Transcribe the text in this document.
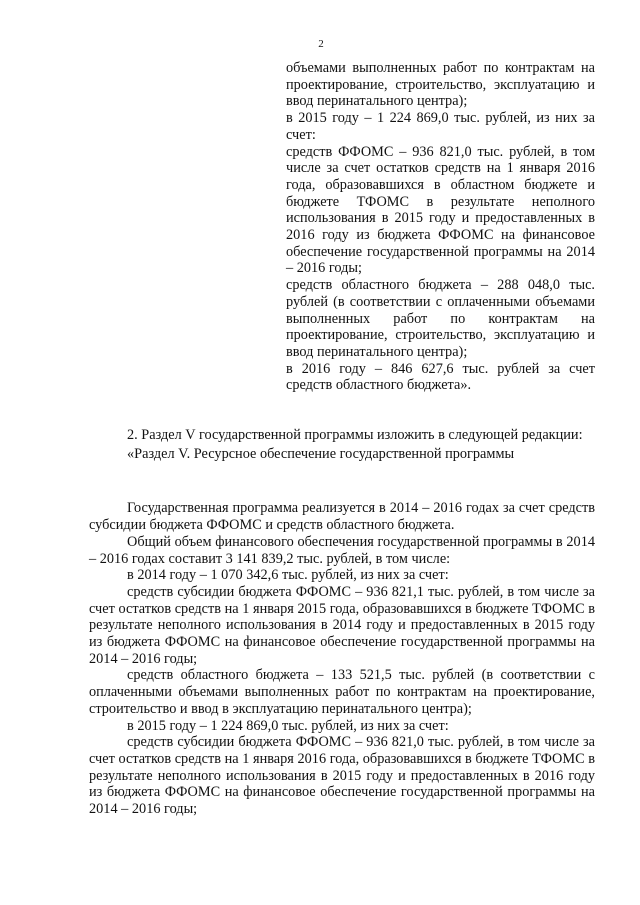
2

объемами выполненных работ по контрактам на проектирование, строительство, эксплуатацию и ввод перинатального центра);

в 2015 году – 1 224 869,0 тыс. рублей, из них за счет:

средств ФФОМС – 936 821,0 тыс. рублей, в том числе за счет остатков средств на 1 января 2016 года, образовавшихся в областном бюджете и бюджете ТФОМС в результате неполного использования в 2015 году и предоставленных в 2016 году из бюджета ФФОМС на финансовое обеспечение государственной программы на 2014 – 2016 годы;

средств областного бюджета – 288 048,0 тыс. рублей (в соответствии с оплаченными объемами выполненных работ по контрактам на проектирование, строительство, эксплуатацию и ввод перинатального центра);

в 2016 году – 846 627,6 тыс. рублей за счет средств областного бюджета».

2. Раздел V государственной программы изложить в следующей редакции:

«Раздел V. Ресурсное обеспечение государственной программы

Государственная программа реализуется в 2014 – 2016 годах за счет средств субсидии бюджета ФФОМС и средств областного бюджета.

Общий объем финансового обеспечения государственной программы в 2014 – 2016 годах составит 3 141 839,2 тыс. рублей, в том числе:

в 2014 году – 1 070 342,6 тыс. рублей, из них за счет:

средств субсидии бюджета ФФОМС – 936 821,1 тыс. рублей, в том числе за счет остатков средств на 1 января 2015 года, образовавшихся в бюджете ТФОМС в результате неполного использования в 2014 году и предоставленных в 2015 году из бюджета ФФОМС на финансовое обеспечение государственной программы на 2014 – 2016 годы;

средств областного бюджета – 133 521,5 тыс. рублей (в соответствии с оплаченными объемами выполненных работ по контрактам на проектирование, строительство и ввод в эксплуатацию перинатального центра);

в 2015 году – 1 224 869,0 тыс. рублей, из них за счет:

средств субсидии бюджета ФФОМС – 936 821,0 тыс. рублей, в том числе за счет остатков средств на 1 января 2016 года, образовавшихся в бюджете ТФОМС в результате неполного использования в 2015 году и предоставленных в 2016 году из бюджета ФФОМС на финансовое обеспечение государственной программы на 2014 – 2016 годы;
